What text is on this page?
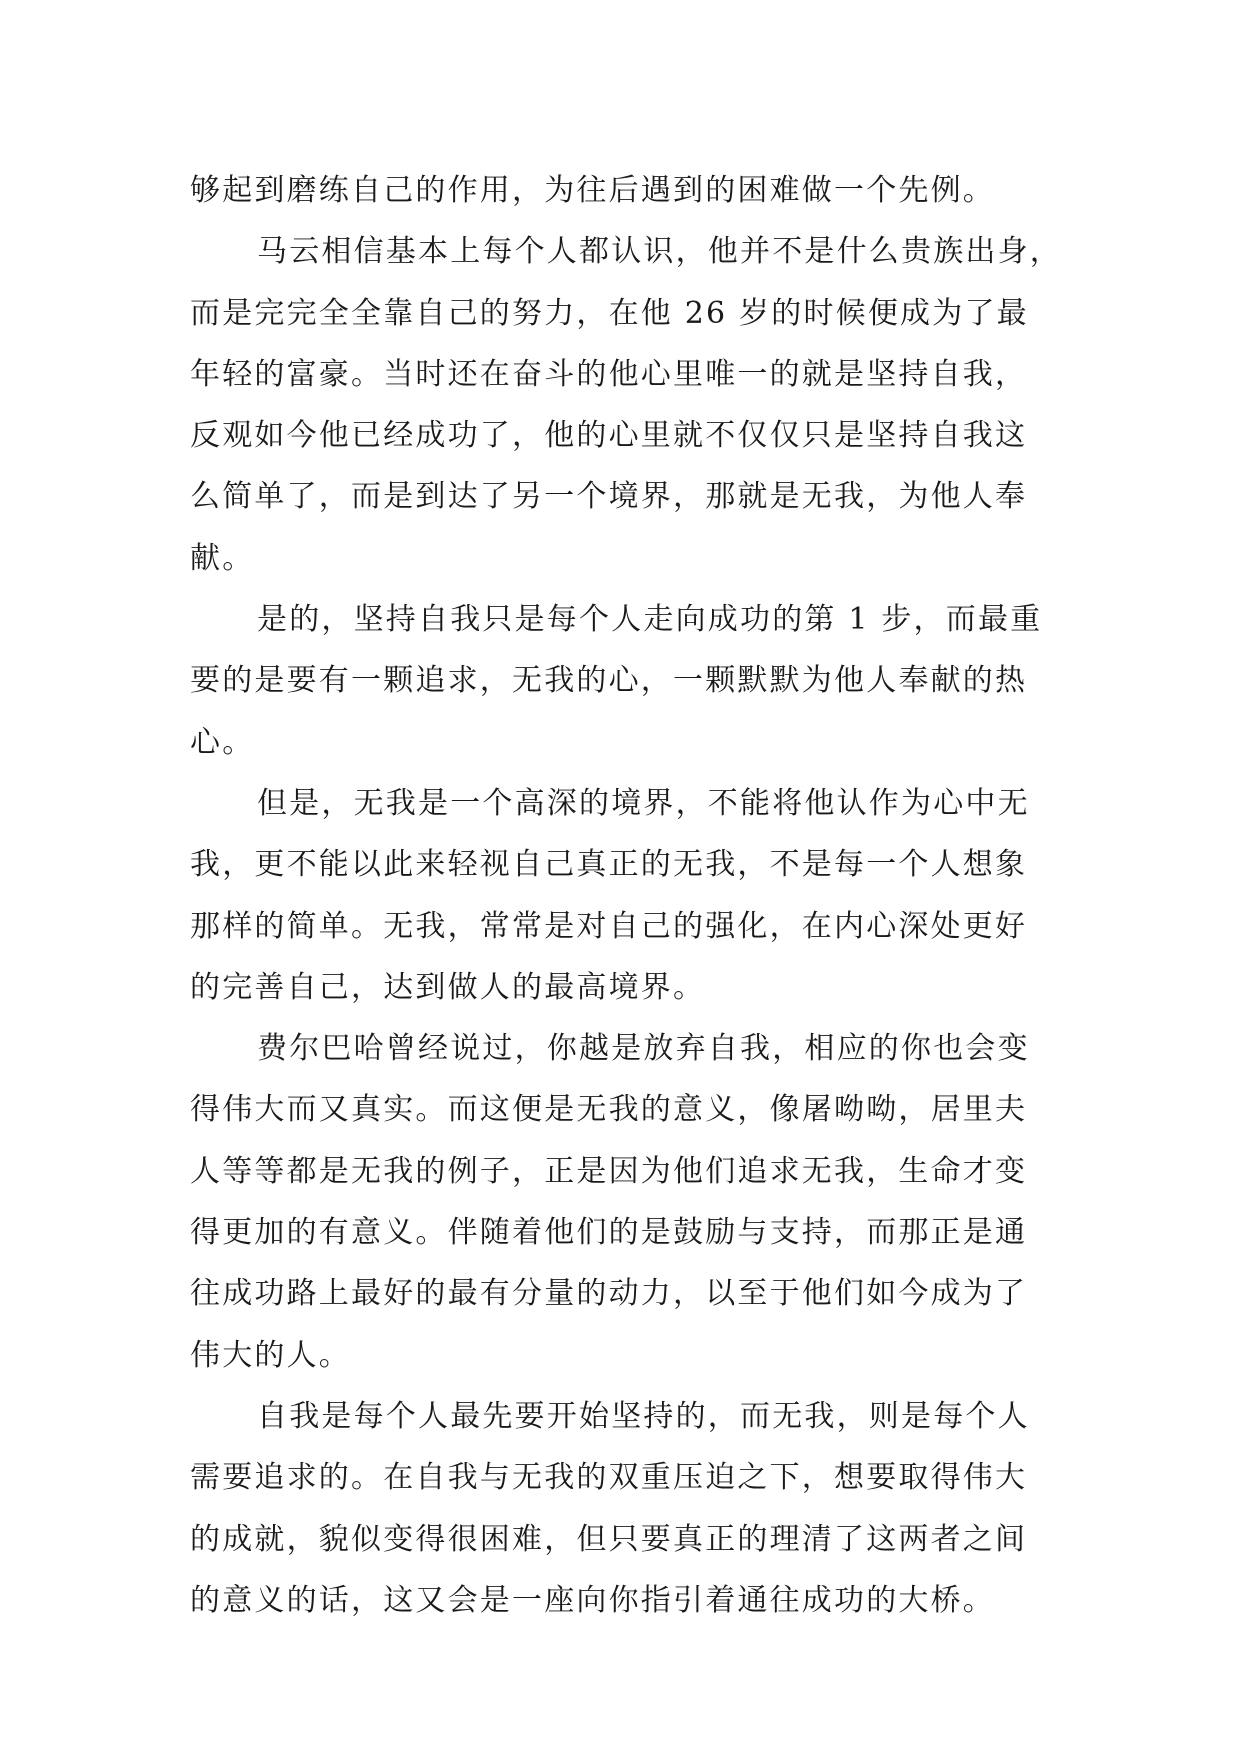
够起到磨练自己的作用，为往后遇到的困难做一个先例。
马云相信基本上每个人都认识，他并不是什么贵族出身，
而是完完全全靠自己的努力，在他 26 岁的时候便成为了最
年轻的富豪。当时还在奋斗的他心里唯一的就是坚持自我，
反观如今他已经成功了，他的心里就不仅仅只是坚持自我这
么简单了，而是到达了另一个境界，那就是无我，为他人奉
献。
是的，坚持自我只是每个人走向成功的第 1 步，而最重
要的是要有一颗追求，无我的心，一颗默默为他人奉献的热
心。
但是，无我是一个高深的境界，不能将他认作为心中无
我，更不能以此来轻视自己真正的无我，不是每一个人想象
那样的简单。无我，常常是对自己的强化，在内心深处更好
的完善自己，达到做人的最高境界。
费尔巴哈曾经说过，你越是放弃自我，相应的你也会变
得伟大而又真实。而这便是无我的意义，像屠呦呦，居里夫
人等等都是无我的例子，正是因为他们追求无我，生命才变
得更加的有意义。伴随着他们的是鼓励与支持，而那正是通
往成功路上最好的最有分量的动力，以至于他们如今成为了
伟大的人。
自我是每个人最先要开始坚持的，而无我，则是每个人
需要追求的。在自我与无我的双重压迫之下，想要取得伟大
的成就，貌似变得很困难，但只要真正的理清了这两者之间
的意义的话，这又会是一座向你指引着通往成功的大桥。
